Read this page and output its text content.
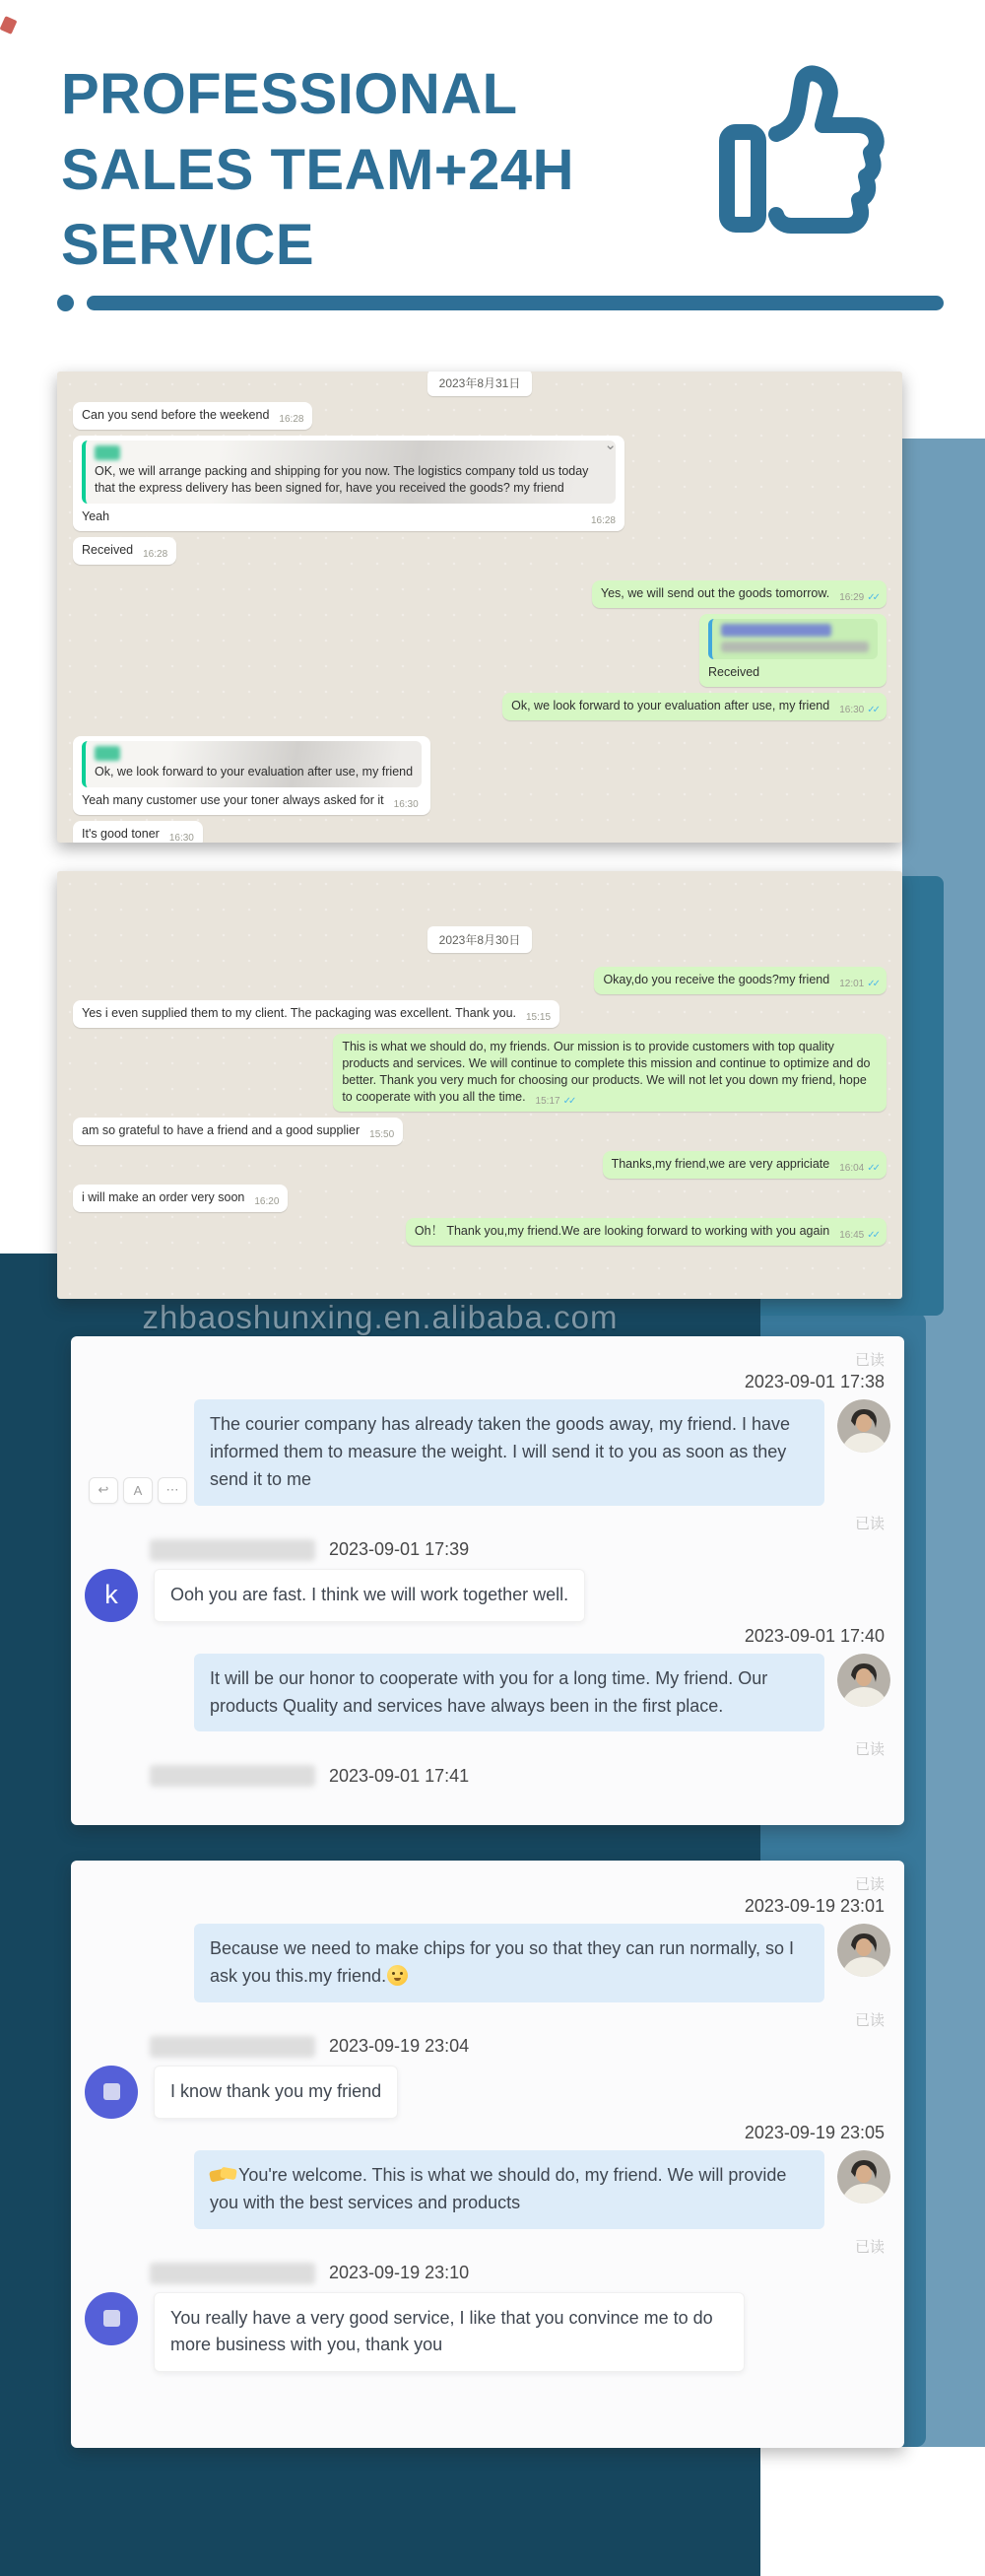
PROFESSIONAL
SALES TEAM+24H
SERVICE
zhbaoshunxing.en.alibaba.com
2023年8月31日
Can you send before the weekend 16:28
OK, we will arrange packing and shipping for you now. The logistics company told us today that the express delivery has been signed for, have you received the goods? my friend
⌄
Yeah	16:28
Received 16:28
Yes, we will send out the goods tomorrow. 16:29 ✓✓
Received
Ok, we look forward to your evaluation after use, my friend 16:30 ✓✓
Ok, we look forward to your evaluation after use, my friend
Yeah many customer use your toner always asked for it 16:30
It's good toner 16:30
2023年8月30日
Okay,do you receive the goods?my friend 12:01 ✓✓
Yes i even supplied them to my client. The packaging was excellent. Thank you. 15:15
This is what we should do, my friends. Our mission is to provide customers with top quality products and services. We will continue to complete this mission and continue to optimize and do better. Thank you very much for choosing our products. We will not let you down my friend, hope to cooperate with you all the time. 15:17 ✓✓
am so grateful to have a friend and a good supplier 15:50
Thanks,my friend,we are very appriciate 16:04 ✓✓
i will make an order very soon 16:20
Oh！ Thank you,my friend.We are looking forward to working with you again 16:45 ✓✓
已读
2023-09-01 17:38
↩	A	⋯
The courier company has already taken the goods away, my friend. I have informed them to measure the weight. I will send it to you as soon as they send it to me
已读
2023-09-01 17:39
k	Ooh you are fast. I think we will work together well.
2023-09-01 17:40
It will be our honor to cooperate with you for a long time. My friend. Our products Quality and services have always been in the first place.
已读
2023-09-01 17:41
已读
2023-09-19 23:01
Because we need to make chips for you so that they can run normally, so I ask you this.my friend.
已读
2023-09-19 23:04
I know thank you my friend
2023-09-19 23:05
You're welcome. This is what we should do, my friend. We will provide you with the best services and products
已读
2023-09-19 23:10
You really have a very good service, I like that you convince me to do more business with you, thank you
